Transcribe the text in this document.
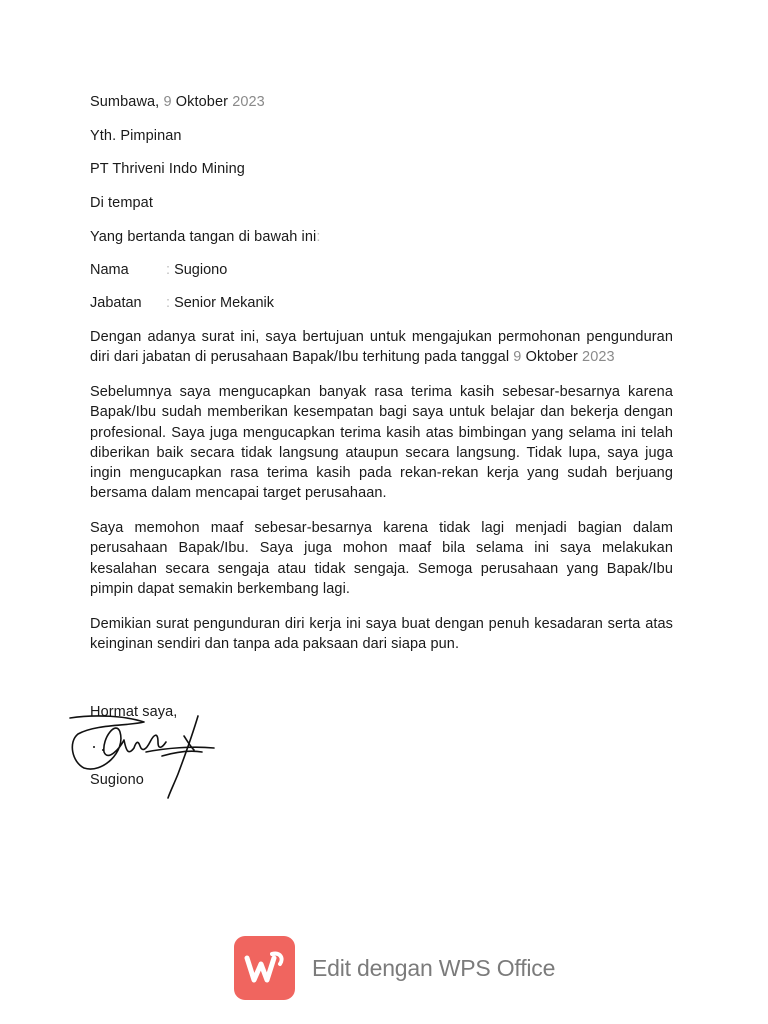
Sumbawa, 9 Oktober 2023
Yth. Pimpinan
PT Thriveni Indo Mining
Di tempat
Yang bertanda tangan di bawah ini:
Nama	: Sugiono
Jabatan : Senior Mekanik
Dengan adanya surat ini, saya bertujuan untuk mengajukan permohonan pengunduran diri dari jabatan di perusahaan Bapak/Ibu terhitung pada tanggal 9 Oktober 2023
Sebelumnya saya mengucapkan banyak rasa terima kasih sebesar-besarnya karena Bapak/Ibu sudah memberikan kesempatan bagi saya untuk belajar dan bekerja dengan profesional. Saya juga mengucapkan terima kasih atas bimbingan yang selama ini telah diberikan baik secara tidak langsung ataupun secara langsung. Tidak lupa, saya juga ingin mengucapkan rasa terima kasih pada rekan-rekan kerja yang sudah berjuang bersama dalam mencapai target perusahaan.
Saya memohon maaf sebesar-besarnya karena tidak lagi menjadi bagian dalam perusahaan Bapak/Ibu. Saya juga mohon maaf bila selama ini saya melakukan kesalahan secara sengaja atau tidak sengaja. Semoga perusahaan yang Bapak/Ibu pimpin dapat semakin berkembang lagi.
Demikian surat pengunduran diri kerja ini saya buat dengan penuh kesadaran serta atas keinginan sendiri dan tanpa ada paksaan dari siapa pun.
Hormat saya,
Sugiono
Edit dengan WPS Office
